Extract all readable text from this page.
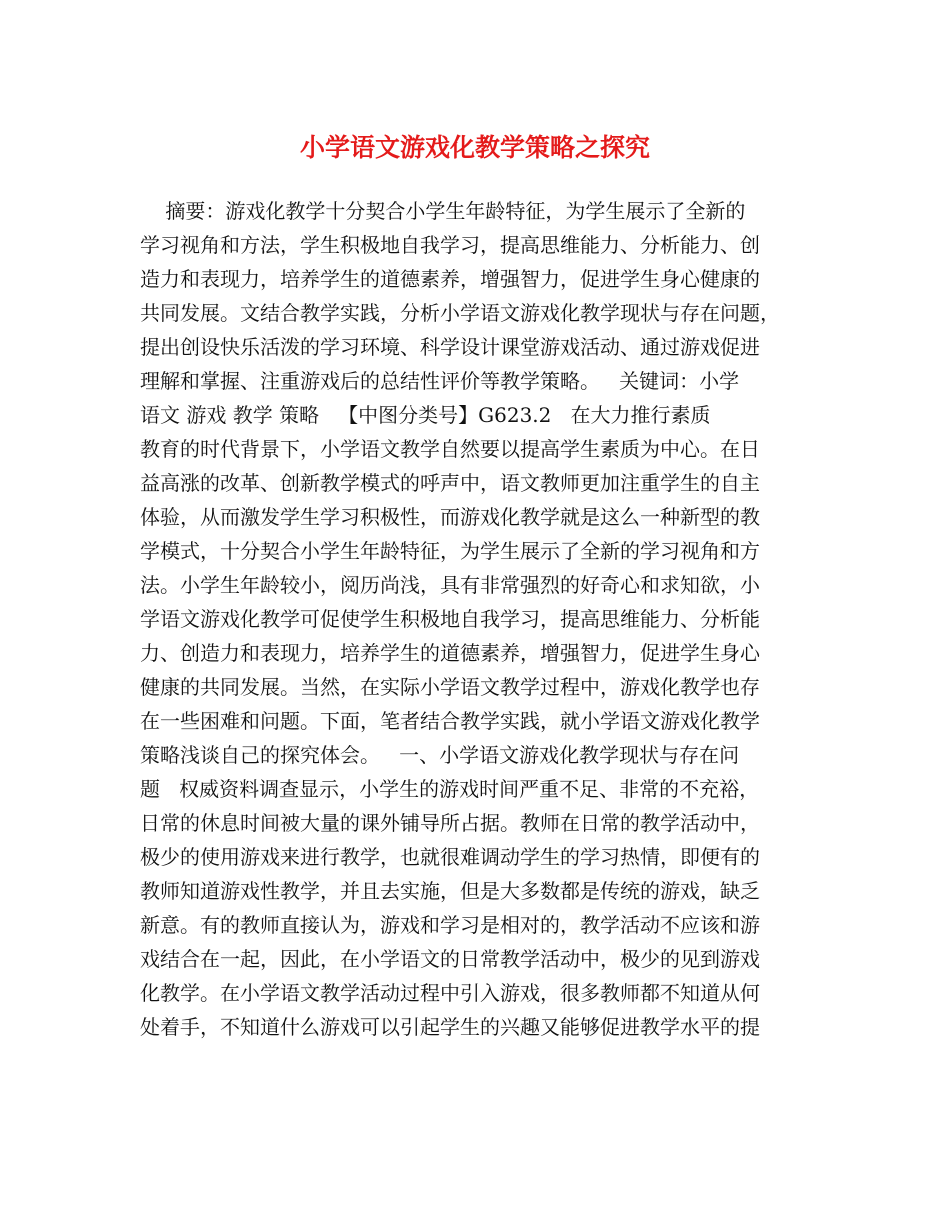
小学语文游戏化教学策略之探究
摘要：游戏化教学十分契合小学生年龄特征，为学生展示了全新的
学习视角和方法，学生积极地自我学习，提高思维能力、分析能力、创
造力和表现力，培养学生的道德素养，增强智力，促进学生身心健康的
共同发展。文结合教学实践，分析小学语文游戏化教学现状与存在问题，
提出创设快乐活泼的学习环境、科学设计课堂游戏活动、通过游戏促进
理解和掌握、注重游戏后的总结性评价等教学策略。   关键词：小学
语文 游戏 教学 策略   【中图分类号】G623.2   在大力推行素质
教育的时代背景下，小学语文教学自然要以提高学生素质为中心。在日
益高涨的改革、创新教学模式的呼声中，语文教师更加注重学生的自主
体验，从而激发学生学习积极性，而游戏化教学就是这么一种新型的教
学模式，十分契合小学生年龄特征，为学生展示了全新的学习视角和方
法。小学生年龄较小，阅历尚浅，具有非常强烈的好奇心和求知欲，小
学语文游戏化教学可促使学生积极地自我学习，提高思维能力、分析能
力、创造力和表现力，培养学生的道德素养，增强智力，促进学生身心
健康的共同发展。当然，在实际小学语文教学过程中，游戏化教学也存
在一些困难和问题。下面，笔者结合教学实践，就小学语文游戏化教学
策略浅谈自己的探究体会。   一、小学语文游戏化教学现状与存在问
题   权威资料调查显示，小学生的游戏时间严重不足、非常的不充裕，
日常的休息时间被大量的课外铺导所占据。教师在日常的教学活动中，
极少的使用游戏来进行教学，也就很难调动学生的学习热情，即便有的
教师知道游戏性教学，并且去实施，但是大多数都是传统的游戏，缺乏
新意。有的教师直接认为，游戏和学习是相对的，教学活动不应该和游
戏结合在一起，因此，在小学语文的日常教学活动中，极少的见到游戏
化教学。在小学语文教学活动过程中引入游戏，很多教师都不知道从何
处着手，不知道什么游戏可以引起学生的兴趣又能够促进教学水平的提
